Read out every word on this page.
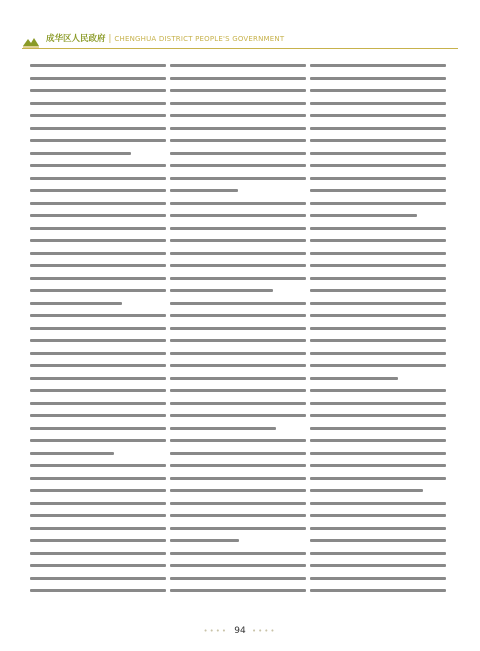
成华区人民政府 | CHENGHUA DISTRICT PEOPLE'S GOVERNMENT
•••• 94 ••••
